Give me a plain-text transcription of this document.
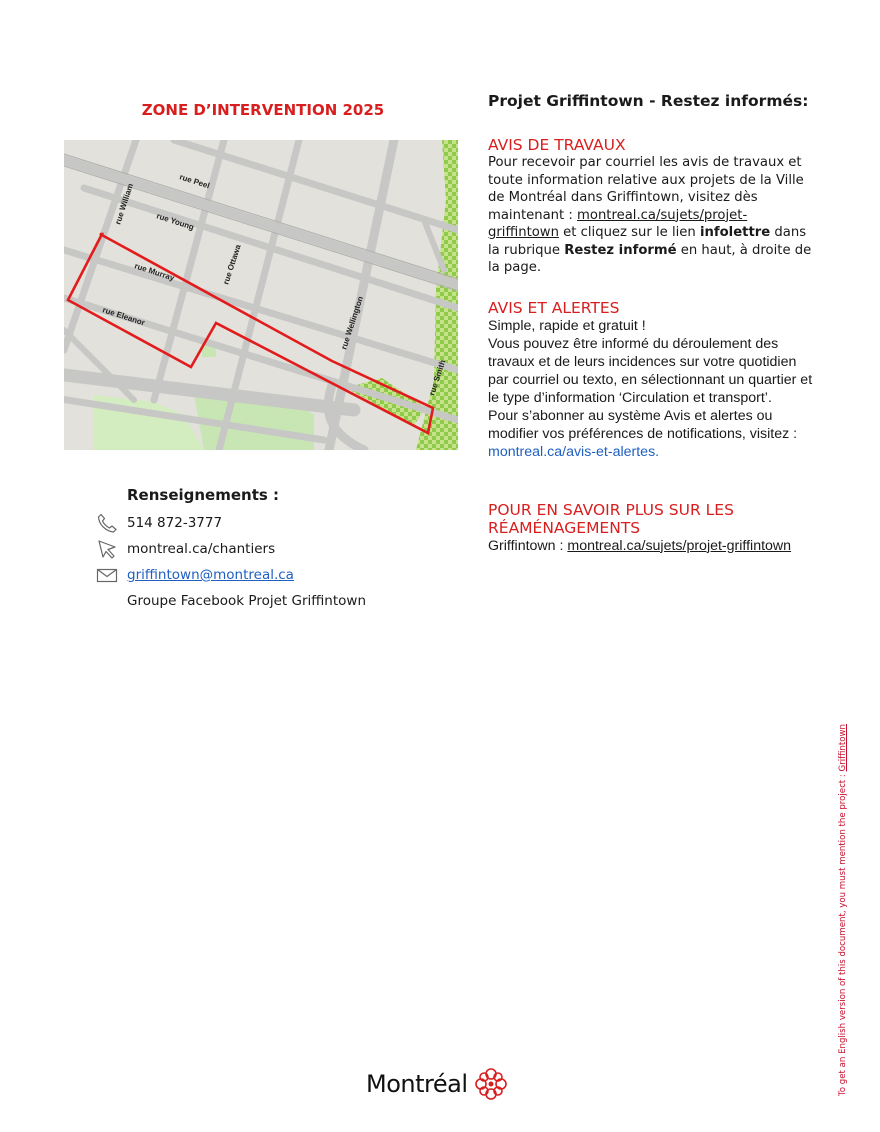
ZONE D’INTERVENTION 2025
rue Peel
rue William	rue Young
rue Murray	rue Ottawa
rue Eleanor	rue Wellington
rue Smith
Renseignements :
514 872-3777
montreal.ca/chantiers
griffintown@montreal.ca
Groupe Facebook Projet Griffintown
Projet Griffintown - Restez informés:
AVIS DE TRAVAUX
Pour recevoir par courriel les avis de travaux et toute information relative aux projets de la Ville de Montréal dans Griffintown, visitez dès maintenant : montreal.ca/sujets/projet-griffintown et cliquez sur le lien infolettre dans la rubrique Restez informé en haut, à droite de la page.
AVIS ET ALERTES
Simple, rapide et gratuit !
Vous pouvez être informé du déroulement des travaux et de leurs incidences sur votre quotidien par courriel ou texto, en sélectionnant un quartier et le type d’information ‘Circulation et transport’.
Pour s’abonner au système Avis et alertes ou modifier vos préférences de notifications, visitez : montreal.ca/avis-et-alertes.
POUR EN SAVOIR PLUS SUR LES RÉAMÉNAGEMENTS
Griffintown : montreal.ca/sujets/projet-griffintown
To get an English version of this document, you must mention the project : Griffintown
Montréal
